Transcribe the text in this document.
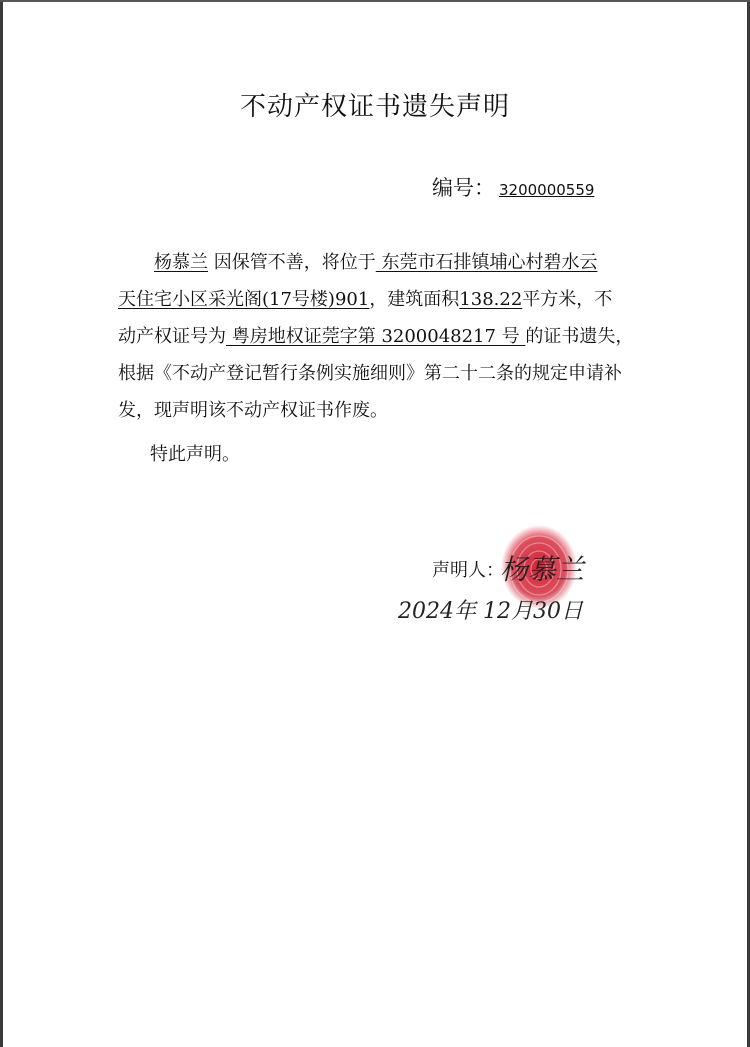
不动产权证书遗失声明
编号： 3200000559
杨慕兰 因保管不善，将位于 东莞市石排镇埔心村碧水云
天住宅小区采光阁(17号楼)901，建筑面积138.22平方米，不
动产权证号为 粤房地权证莞字第 3200048217 号 的证书遗失，
根据《不动产登记暂行条例实施细则》第二十二条的规定申请补
发，现声明该不动产权证书作废。
特此声明。
声明人：
杨慕兰
2024年 12月30日
